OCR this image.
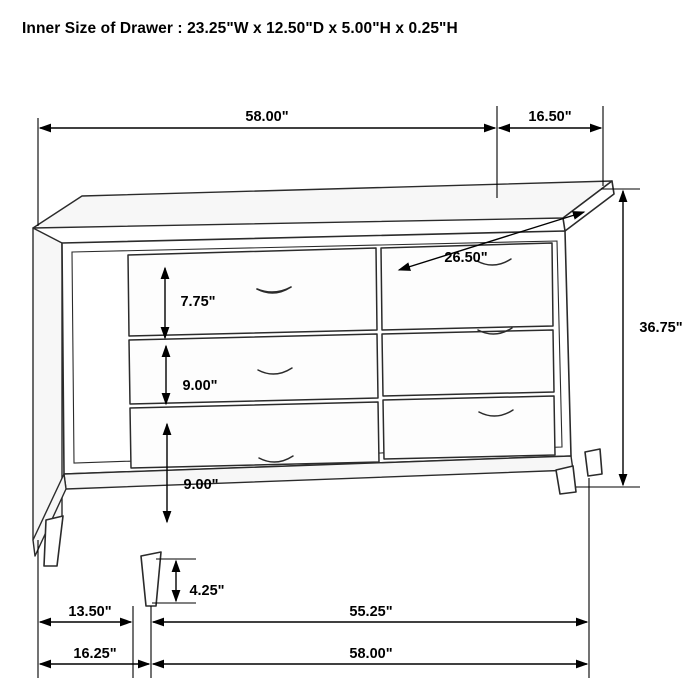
Inner Size of Drawer : 23.25"W x 12.50"D x 5.00"H x 0.25"H
58.00"	16.50"
36.75"
26.50"
7.75"
9.00"
9.00"
4.25"
13.50"	55.25"
16.25"	58.00"
